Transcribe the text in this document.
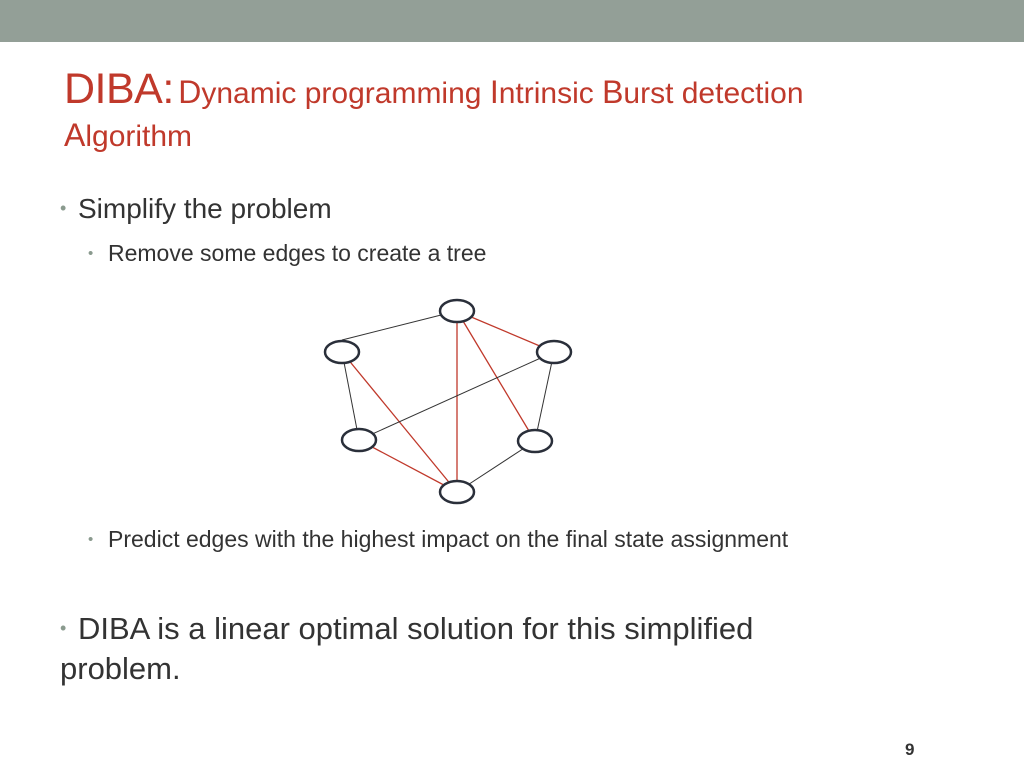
DIBA: Dynamic programming Intrinsic Burst detection
Algorithm
• Simplify the problem
• Remove some edges to create a tree
• Predict edges with the highest impact on the final state assignment
• DIBA is a linear optimal solution for this simplified problem.
9
